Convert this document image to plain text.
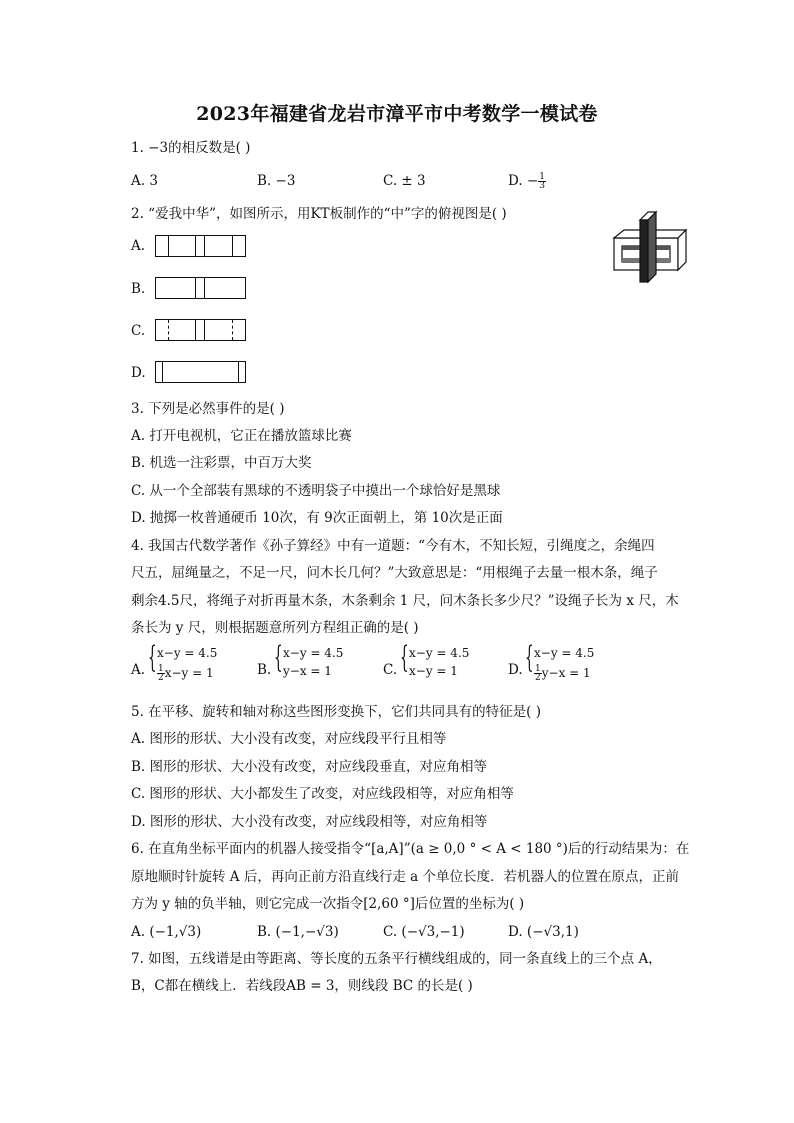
2023年福建省龙岩市漳平市中考数学一模试卷
1. −3的相反数是( )
A. 3	B. −3	C. ± 3	D. − $\frac{1}{3}$
2. “爱我中华”，如图所示，用KT板制作的“中”字的俯视图是( )
A.
B.
C.
D.
3. 下列是必然事件的是( )
A. 打开电视机，它正在播放篮球比赛
B. 机选一注彩票，中百万大奖
C. 从一个全部装有黑球的不透明袋子中摸出一个球恰好是黑球
D. 抛掷一枚普通硬币 10次，有 9次正面朝上，第 10次是正面
4. 我国古代数学著作《孙子算经》中有一道题：“今有木，不知长短，引绳度之，余绳四
尺五，屈绳量之，不足一尺，问木长几何？”大致意思是：“用根绳子去量一根木条，绳子
剩余4.5尺，将绳子对折再量木条，木条剩余 1 尺，问木条长多少尺？”设绳子长为 x 尺，木
条长为 y 尺，则根据题意所列方程组正确的是( )
A. { x−y = 4.5
$\frac{1}{2} x-y = 1$	B. { x−y = 4.5
y−x = 1	C. { x−y = 4.5
x−y = 1	D. { x−y = 4.5
$\frac{1}{2} y-x = 1$
5. 在平移、旋转和轴对称这些图形变换下，它们共同具有的特征是( )
A. 图形的形状、大小没有改变，对应线段平行且相等
B. 图形的形状、大小没有改变，对应线段垂直，对应角相等
C. 图形的形状、大小都发生了改变，对应线段相等，对应角相等
D. 图形的形状、大小没有改变，对应线段相等，对应角相等
6. 在直角坐标平面内的机器人接受指令“[a,A]”(a ≥ 0,0 ° < A < 180 °)后的行动结果为：在
原地顺时针旋转 A 后，再向正前方沿直线行走 a 个单位长度．若机器人的位置在原点，正前
方为 y 轴的负半轴，则它完成一次指令[2,60 °]后位置的坐标为( )
A. (−1,√3)	B. (−1,−√3)	C. (−√3,−1)	D. (−√3,1)
7. 如图，五线谱是由等距离、等长度的五条平行横线组成的，同一条直线上的三个点 A，
B，C都在横线上．若线段AB = 3，则线段 BC 的长是( )
